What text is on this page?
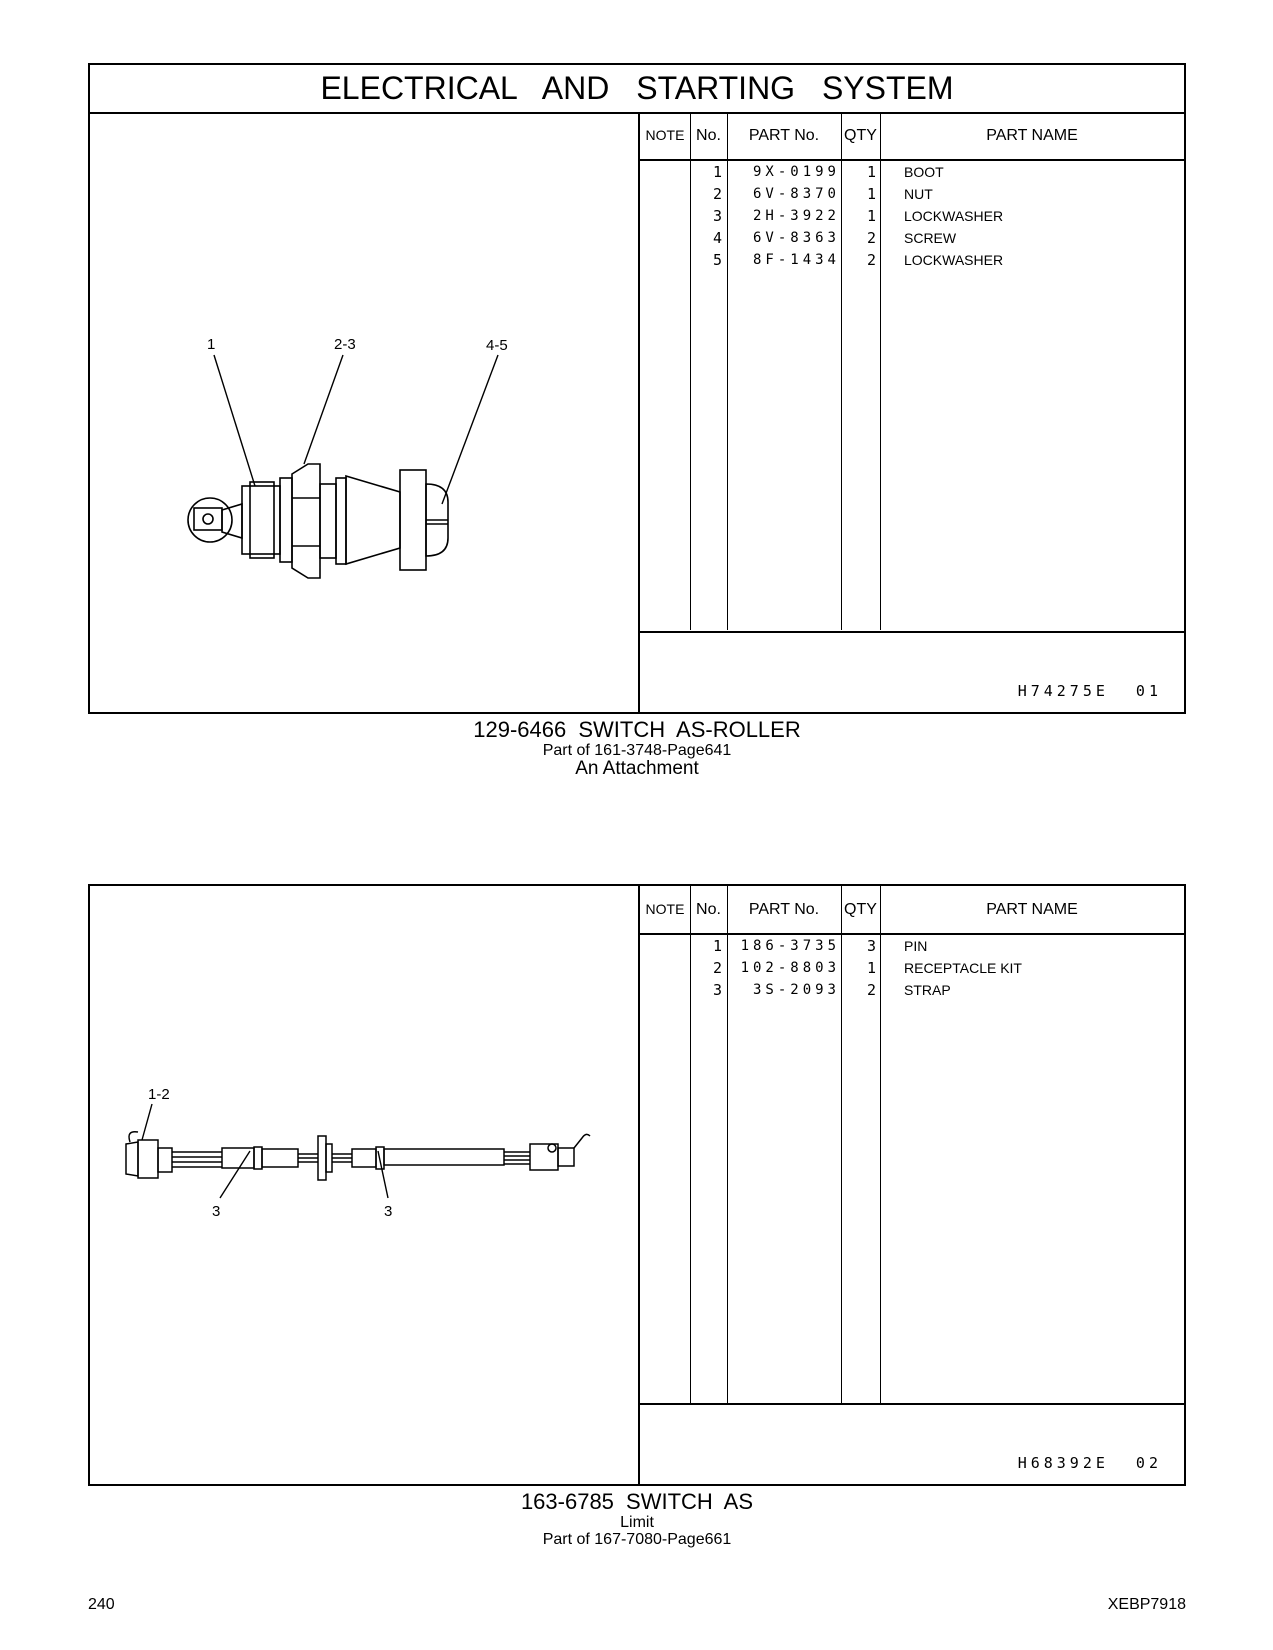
ELECTRICAL AND STARTING SYSTEM
1	2-3	4-5
NOTE No.	PART No.	QTY	PART NAME
1	9X-0199	1 BOOT
2	6V-8370	1 NUT
3	2H-3922	1 LOCKWASHER
4	6V-8363	2 SCREW
5	8F-1434	2 LOCKWASHER
H74275E 01
129-6466 SWITCH AS-ROLLER
Part of 161-3748-Page641
An Attachment
1-2
3	3
NOTE No.	PART No.	QTY	PART NAME
1	186-3735	3 PIN
2	102-8803	1 RECEPTACLE KIT
3	3S-2093	2 STRAP
H68392E 02
163-6785 SWITCH AS
Limit
Part of 167-7080-Page661
240	XEBP7918
